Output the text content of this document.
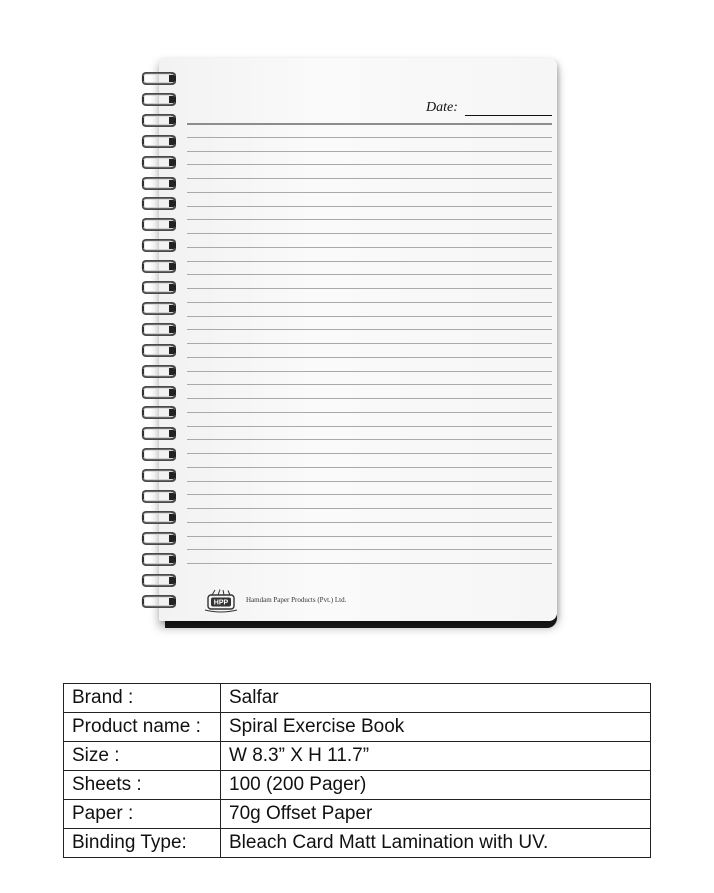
Date:
HPP	Hamdam Paper Products (Pvt.) Ltd.
Brand :	Salfar
Product name :	Spiral Exercise Book
Size :	W 8.3” X H 11.7”
Sheets :	100 (200 Pager)
Paper :	70g Offset Paper
Binding Type:	Bleach Card Matt Lamination with UV.
